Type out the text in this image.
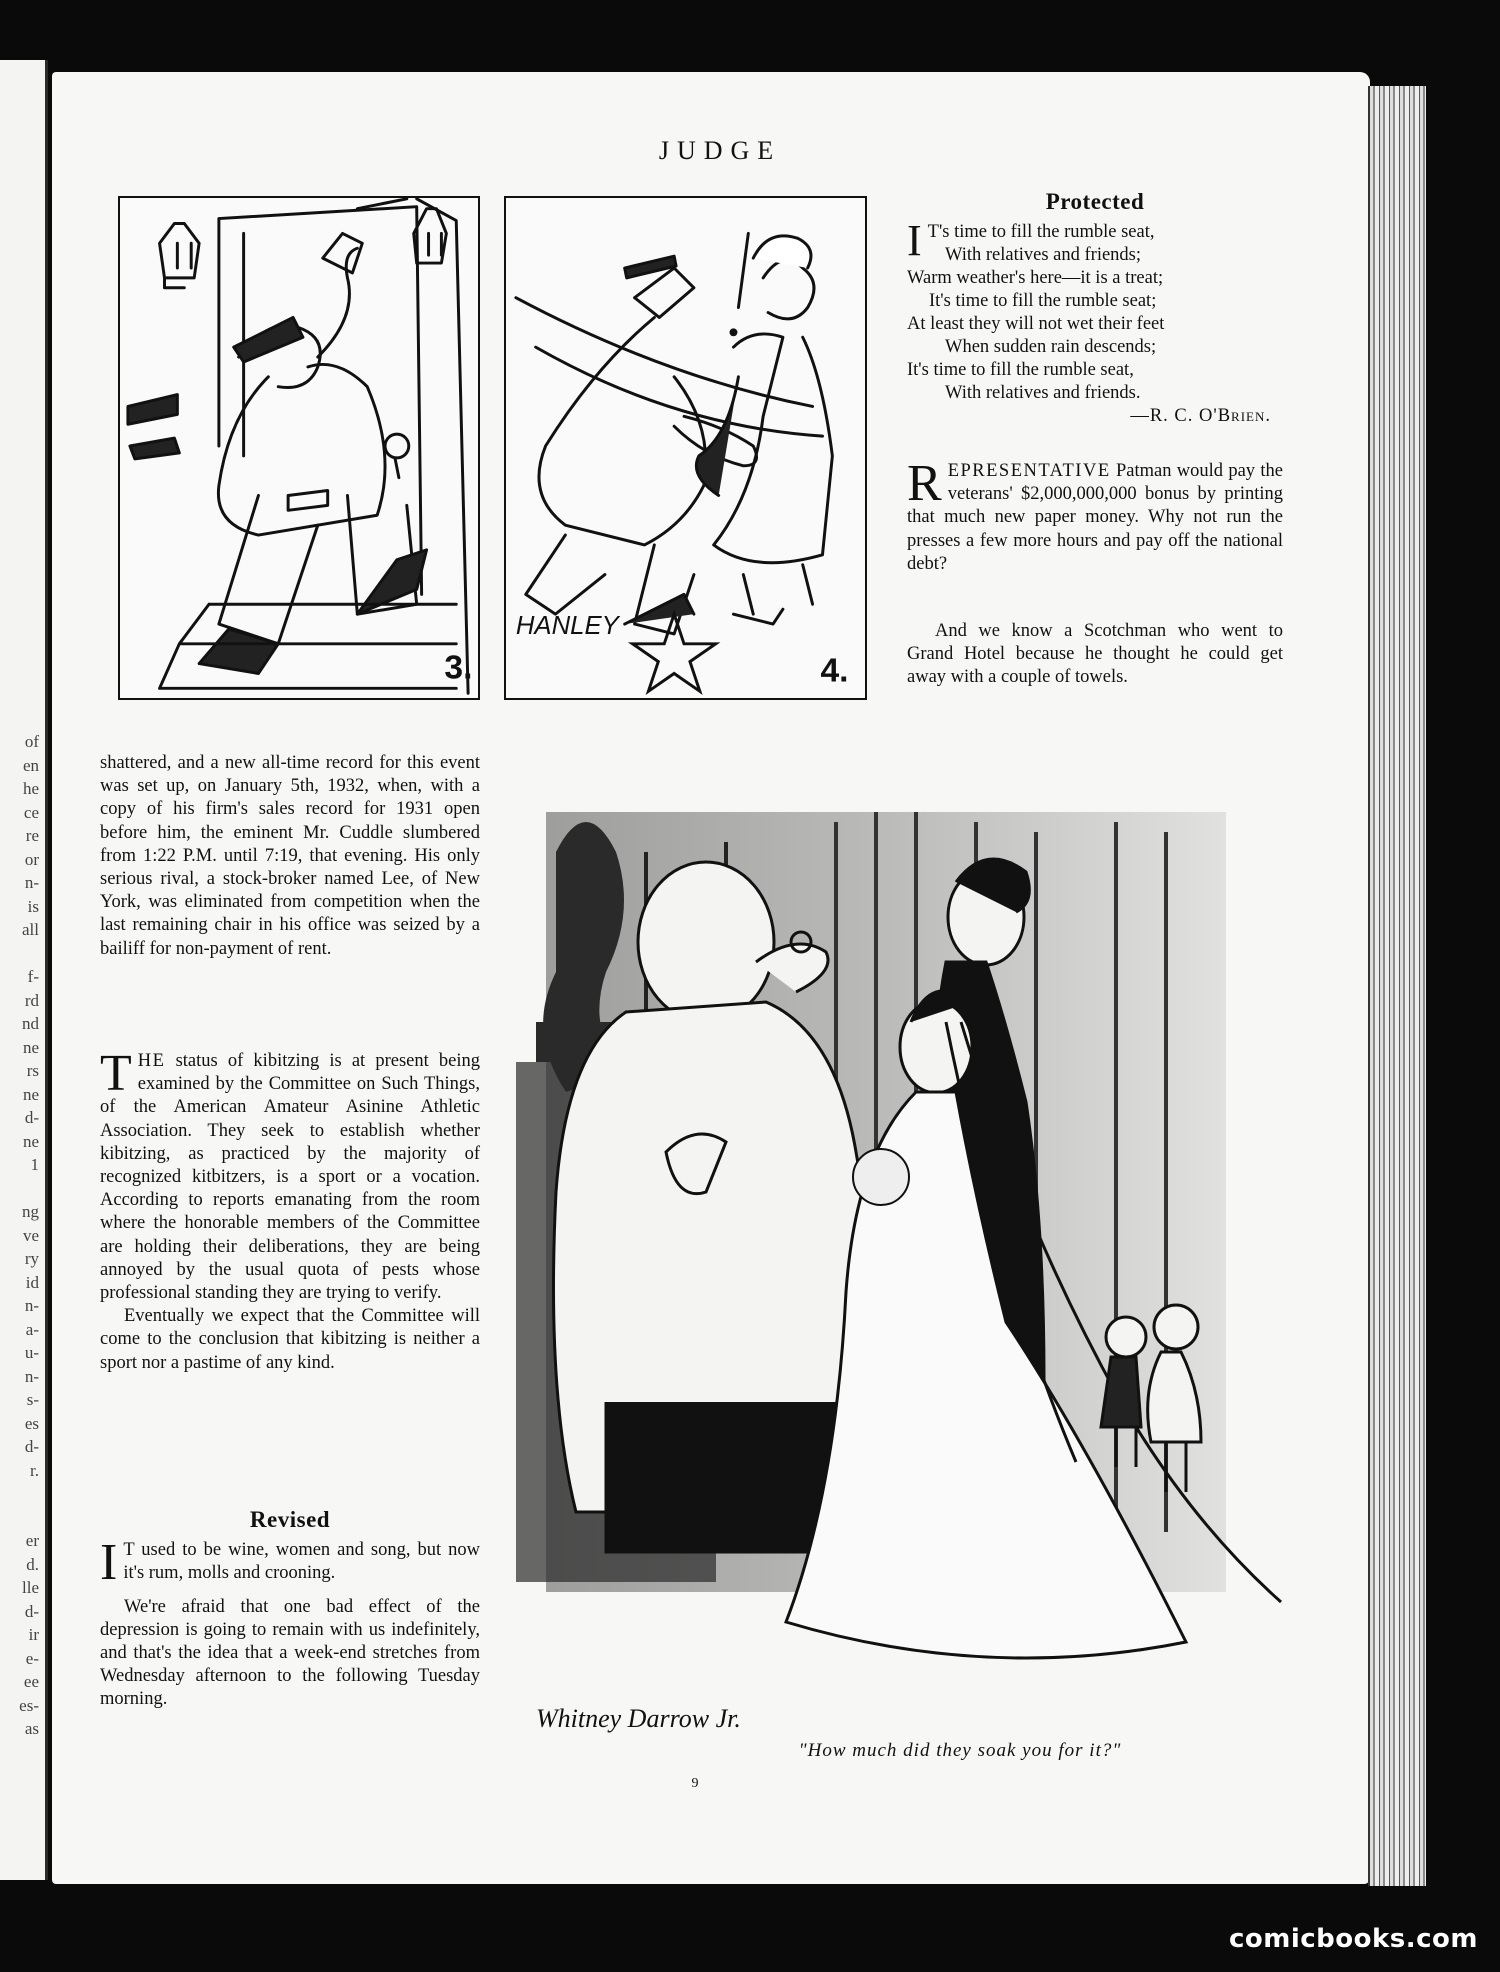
of
en
he
ce
re
or
n-
is
all
f-
rd
nd
ne
rs
ne
d-
ne
1
ng
ve
ry
id
n-
a-
u-
n-
s-
es
d-
r.
er
d.
lle
d-
ir
e-
ee
es-
as
JUDGE
3.
HANLEY
4.
Protected
I T's time to fill the rumble seat,
With relatives and friends;
Warm weather's here—it is a treat;
It's time to fill the rumble seat;
At least they will not wet their feet
When sudden rain descends;
It's time to fill the rumble seat,
With relatives and friends.
—R. C. O'Brien.
REPRESENTATIVE Patman would pay the veterans' $2,000,000,000 bonus by printing that much new paper money. Why not run the presses a few more hours and pay off the national debt?
And we know a Scotchman who went to Grand Hotel because he thought he could get away with a couple of towels.
shattered, and a new all-time record for this event was set up, on January 5th, 1932, when, with a copy of his firm's sales record for 1931 open before him, the eminent Mr. Cuddle slumbered from 1:22 P.M. until 7:19, that evening. His only serious rival, a stock-broker named Lee, of New York, was eliminated from competition when the last remaining chair in his office was seized by a bailiff for non-payment of rent.

THE status of kibitzing is at present being examined by the Committee on Such Things, of the American Amateur Asinine Athletic Association. They seek to establish whether kibitzing, as practiced by the majority of recognized kitbitzers, is a sport or a vocation. According to reports emanating from the room where the honorable members of the Committee are holding their deliberations, they are being annoyed by the usual quota of pests whose professional standing they are trying to verify.

Eventually we expect that the Committee will come to the conclusion that kibitzing is neither a sport nor a pastime of any kind.

Revised

I T used to be wine, women and song, but now it's rum, molls and crooning.

We're afraid that one bad effect of the depression is going to remain with us indefinitely, and that's the idea that a week-end stretches from Wednesday afternoon to the following Tuesday morning.

Whitney Darrow Jr.
"How much did they soak you for it?"
9
comicbooks.com
